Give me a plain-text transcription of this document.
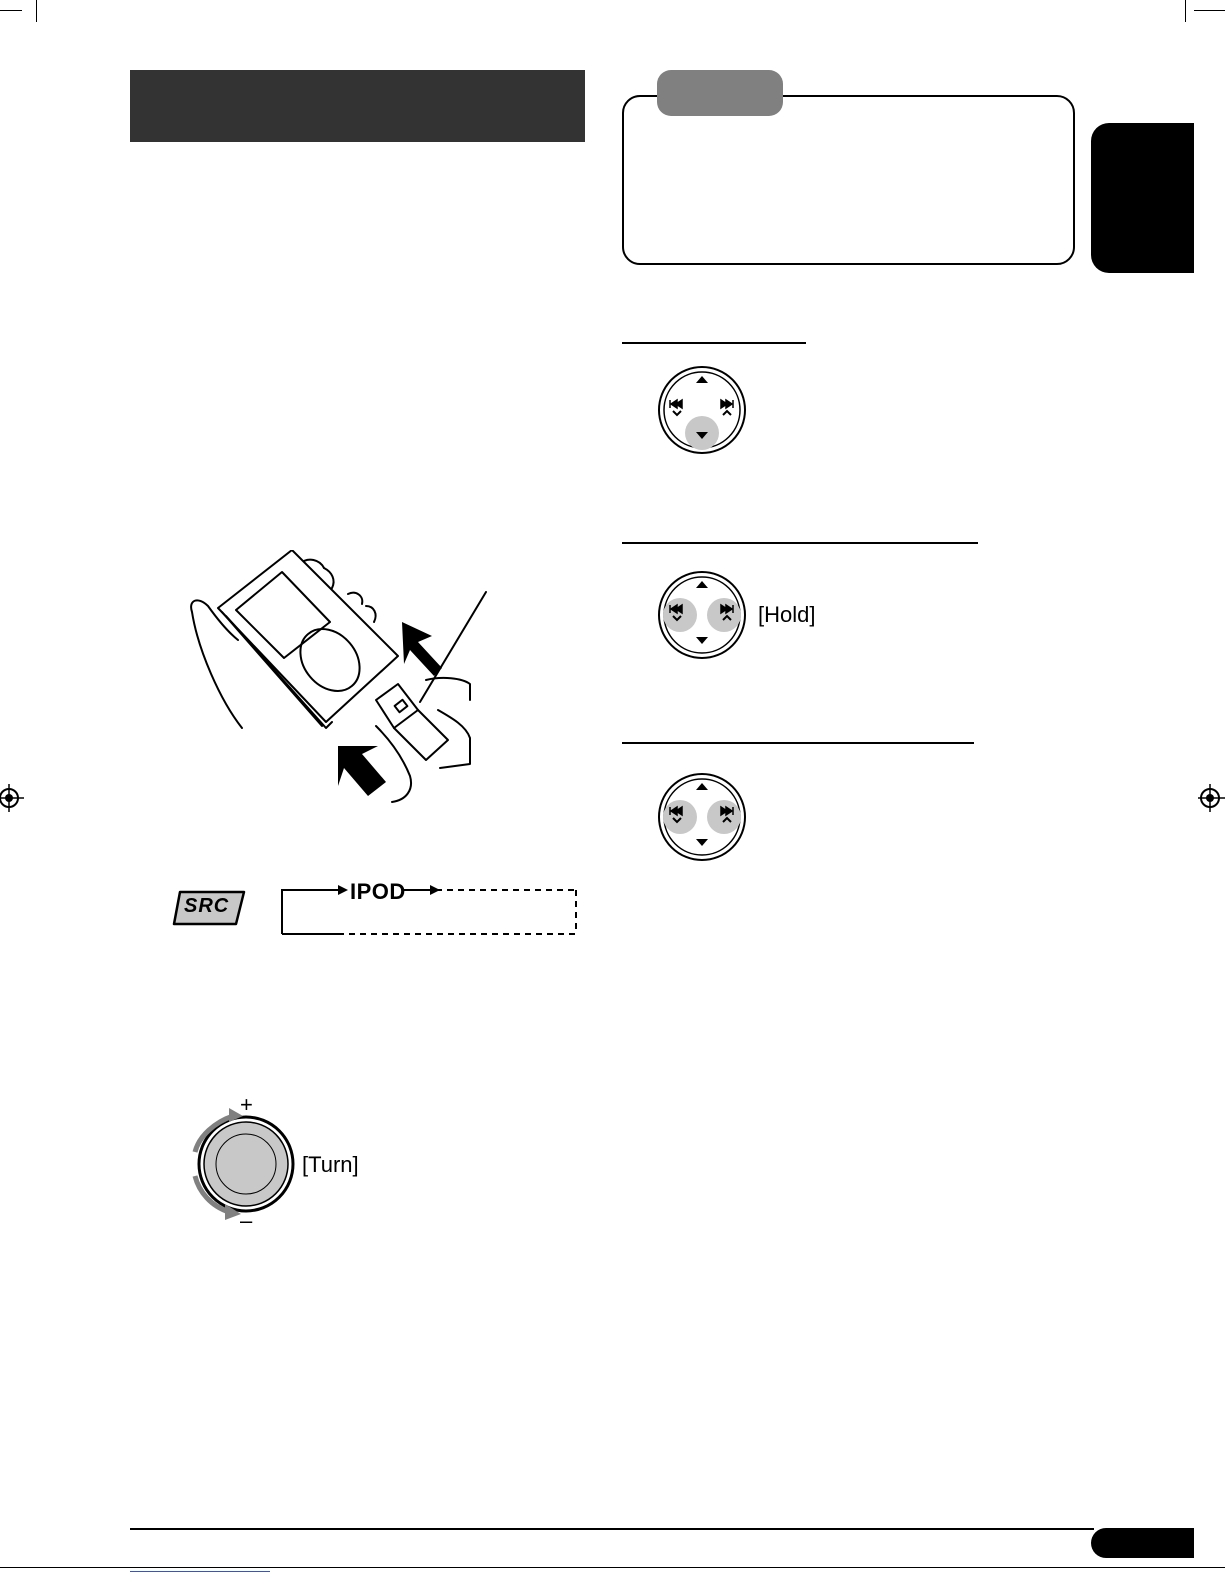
[Hold]
SRC
IPOD
+
–
[Turn]
